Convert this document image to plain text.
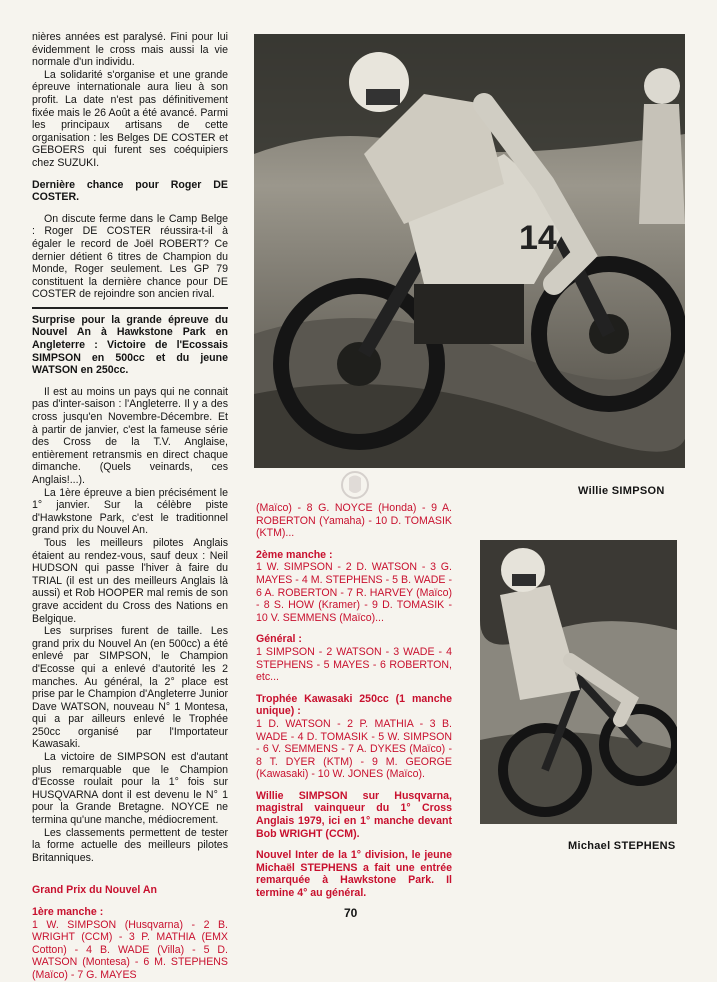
nières années est paralysé. Fini pour lui évidemment le cross mais aussi la vie normale d'un individu.

La solidarité s'organise et une grande épreuve internationale aura lieu à son profit. La date n'est pas définitivement fixée mais le 26 Août a été avancé. Parmi les principaux artisans de cette organisation : les Belges DE COSTER et GEBOERS qui furent ses coéquipiers chez SUZUKI.

Dernière chance pour Roger DE COSTER.

On discute ferme dans le Camp Belge : Roger DE COSTER réussira-t-il à égaler le record de Joël ROBERT? Ce dernier détient 6 titres de Champion du Monde, Roger seulement. Les GP 79 constituent la dernière chance pour DE COSTER de rejoindre son ancien rival.

Surprise pour la grande épreuve du Nouvel An à Hawkstone Park en Angleterre : Victoire de l'Ecossais SIMPSON en 500cc et du jeune WATSON en 250cc.

Il est au moins un pays qui ne connait pas d'inter-saison : l'Angleterre. Il y a des cross jusqu'en Novembre-Décembre. Et à partir de janvier, c'est la fameuse série des Cross de la T.V. Anglaise, entièrement retransmis en direct chaque dimanche. (Quels veinards, ces Anglais!...).

La 1ère épreuve a bien précisément le 1° janvier. Sur la célèbre piste d'Hawkstone Park, c'est le traditionnel grand prix du Nouvel An.

Tous les meilleurs pilotes Anglais étaient au rendez-vous, sauf deux : Neil HUDSON qui passe l'hiver à faire du TRIAL (il est un des meilleurs Anglais là aussi) et Rob HOOPER mal remis de son grave accident du Cross des Nations en Belgique.

Les surprises furent de taille. Les grand prix du Nouvel An (en 500cc) a été enlevé par SIMPSON, le Champion d'Ecosse qui a enlevé d'autorité les 2 manches. Au général, la 2° place est prise par le Champion d'Angleterre Junior Dave WATSON, nouveau N° 1 Montesa, qui a par ailleurs enlevé le Trophée 250cc organisé par l'Importateur Kawasaki.

La victoire de SIMPSON est d'autant plus remarquable que le Champion d'Ecosse roulait pour la 1° fois sur HUSQVARNA dont il est devenu le N° 1 pour la Grande Bretagne. NOYCE ne termina qu'une manche, médiocrement.

Les classements permettent de tester la forme actuelle des meilleurs pilotes Britanniques.

Grand Prix du Nouvel An

1ère manche :

1 W. SIMPSON (Husqvarna) - 2 B. WRIGHT (CCM) - 3 P. MATHIA (EMX Cotton) - 4 B. WADE (Villa) - 5 D. WATSON (Montesa) - 6 M. STEPHENS (Maïco) - 7 G. MAYES

(Maïco) - 8 G. NOYCE (Honda) - 9 A. ROBERTON (Yamaha) - 10 D. TOMASIK (KTM)...

2ème manche :

1 W. SIMPSON - 2 D. WATSON - 3 G. MAYES - 4 M. STEPHENS - 5 B. WADE - 6 A. ROBERTON - 7 R. HARVEY (Maïco) - 8 S. HOW (Kramer) - 9 D. TOMASIK - 10 V. SEMMENS (Maïco)...

Général :

1 SIMPSON - 2 WATSON - 3 WADE - 4 STEPHENS - 5 MAYES - 6 ROBERTON, etc...

Trophée Kawasaki 250cc (1 manche unique) :

1 D. WATSON - 2 P. MATHIA - 3 B. WADE - 4 D. TOMASIK - 5 W. SIMPSON - 6 V. SEMMENS - 7 A. DYKES (Maïco) - 8 T. DYER (KTM) - 9 M. GEORGE (Kawasaki) - 10 W. JONES (Maïco).

Willie SIMPSON sur Husqvarna, magistral vainqueur du 1° Cross Anglais 1979, ici en 1° manche devant Bob WRIGHT (CCM).

Nouvel Inter de la 1° division, le jeune Michaël STEPHENS a fait une entrée remarquée à Hawkstone Park. Il termine 4° au général.

14
Willie SIMPSON
Michael STEPHENS
70
